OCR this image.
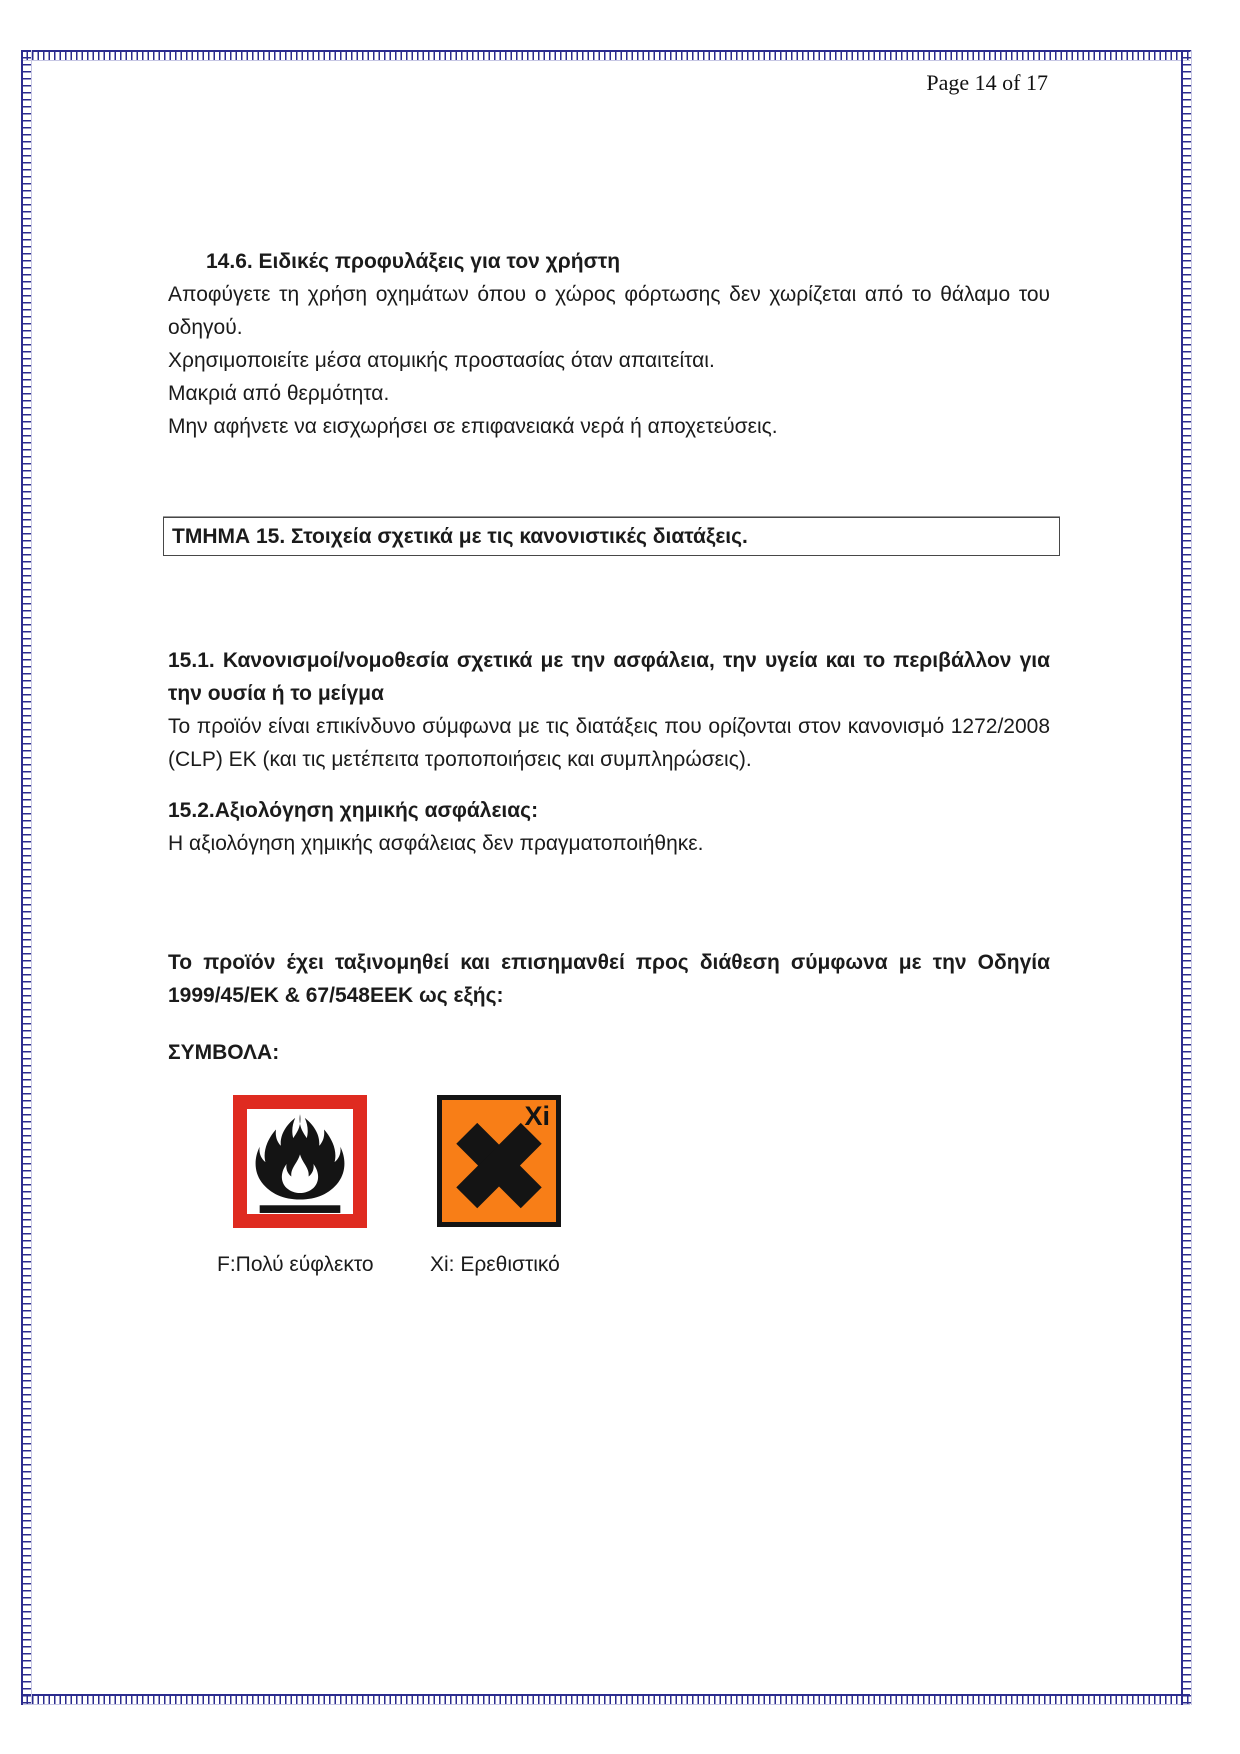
Page 14 of 17
14.6. Ειδικές προφυλάξεις για τον χρήστη

Αποφύγετε τη χρήση οχημάτων όπου ο χώρος φόρτωσης δεν χωρίζεται από το θάλαμο του οδηγού.

Χρησιμοποιείτε μέσα ατομικής προστασίας όταν απαιτείται.

Μακριά από θερμότητα.

Μην αφήνετε να εισχωρήσει σε επιφανειακά νερά ή αποχετεύσεις.

ΤΜΗΜΑ 15. Στοιχεία σχετικά με τις κανονιστικές διατάξεις.

15.1. Κανονισμοί/νομοθεσία σχετικά με την ασφάλεια, την υγεία και το περιβάλλον για την ουσία ή το μείγμα

Το προϊόν είναι επικίνδυνο σύμφωνα με τις διατάξεις που ορίζονται στον κανονισμό 1272/2008 (CLP) ΕΚ (και τις μετέπειτα τροποποιήσεις και συμπληρώσεις).

15.2.Αξιολόγηση χημικής ασφάλειας:

Η αξιολόγηση χημικής ασφάλειας δεν πραγματοποιήθηκε.

Το προϊόν έχει ταξινομηθεί και επισημανθεί προς διάθεση σύμφωνα με την Οδηγία 1999/45/ΕΚ & 67/548ΕΕΚ ως εξής:
ΣΥΜΒΟΛΑ:
Xi
F:Πολύ εύφλεκτο	Xi: Ερεθιστικό
